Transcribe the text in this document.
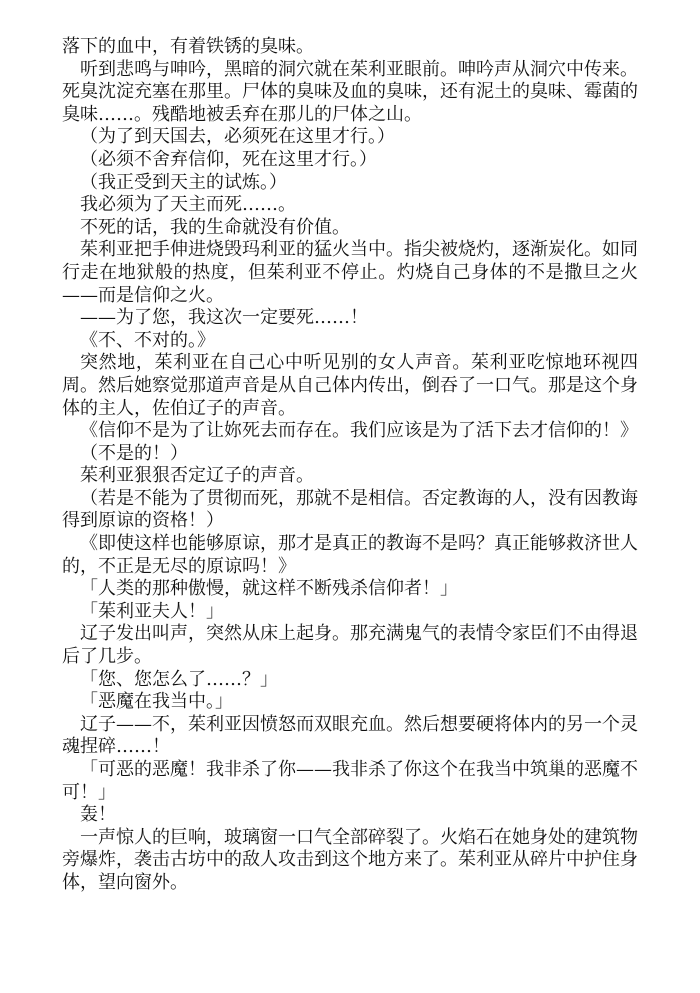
落下的血中，有着铁锈的臭味。

听到悲鸣与呻吟，黑暗的洞穴就在茱利亚眼前。呻吟声从洞穴中传来。死臭沈淀充塞在那里。尸体的臭味及血的臭味，还有泥土的臭味、霉菌的臭味……。残酷地被丢弃在那儿的尸体之山。

（为了到天国去，必须死在这里才行。）

（必须不舍弃信仰，死在这里才行。）

（我正受到天主的试炼。）

我必须为了天主而死……。

不死的话，我的生命就没有价值。

茱利亚把手伸进烧毁玛利亚的猛火当中。指尖被烧灼，逐渐炭化。如同行走在地狱般的热度，但茱利亚不停止。灼烧自己身体的不是撒旦之火——而是信仰之火。

——为了您，我这次一定要死……！

《不、不对的。》

突然地，茱利亚在自己心中听见别的女人声音。茱利亚吃惊地环视四周。然后她察觉那道声音是从自己体内传出，倒吞了一口气。那是这个身体的主人，佐伯辽子的声音。

《信仰不是为了让妳死去而存在。我们应该是为了活下去才信仰的！》

（不是的！）

茱利亚狠狠否定辽子的声音。

（若是不能为了贯彻而死，那就不是相信。否定教诲的人，没有因教诲得到原谅的资格！）

《即使这样也能够原谅，那才是真正的教诲不是吗？真正能够救济世人的，不正是无尽的原谅吗！》

「人类的那种傲慢，就这样不断残杀信仰者！」

「茱利亚夫人！」

辽子发出叫声，突然从床上起身。那充满鬼气的表情令家臣们不由得退后了几步。

「您、您怎么了……？」

「恶魔在我当中。」

辽子——不，茱利亚因愤怒而双眼充血。然后想要硬将体内的另一个灵魂捏碎……！

「可恶的恶魔！我非杀了你——我非杀了你这个在我当中筑巢的恶魔不可！」

轰！

一声惊人的巨响，玻璃窗一口气全部碎裂了。火焰石在她身处的建筑物旁爆炸，袭击古坊中的敌人攻击到这个地方来了。茱利亚从碎片中护住身体，望向窗外。
